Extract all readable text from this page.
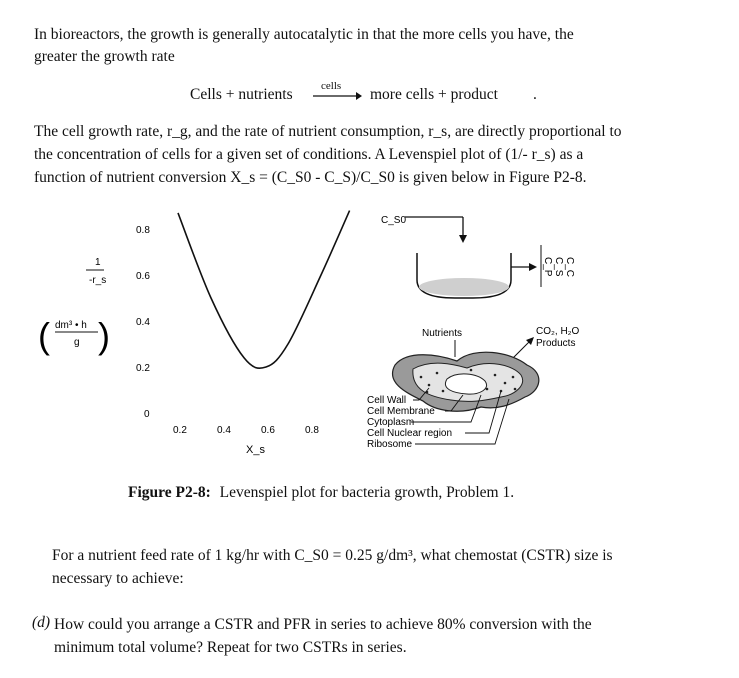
In bioreactors, the growth is generally autocatalytic in that the more cells you have, the

greater the growth rate

Cells + nutrients	cells → more cells + product .

The cell growth rate, r_g, and the rate of nutrient consumption, r_s, are directly proportional to

the concentration of cells for a given set of conditions. A Levenspiel plot of (1/- r_s) as a

function of nutrient conversion X_s = (C_S0 - C_S)/C_S0 is given below in Figure P2-8.

0
0.2
0.4
0.6
0.8
0.2	0.4	0.6	0.8
1
-r_s
( dm³ • h
g )
X_s
C_S0
C_P C_S C_C
Nutrients	CO₂, H₂O
Products
Cell Wall
Cell Membrane
Cytoplasm
Cell Nuclear region
Ribosome
Figure P2-8: Levenspiel plot for bacteria growth, Problem 1.

For a nutrient feed rate of 1 kg/hr with C_S0 = 0.25 g/dm³, what chemostat (CSTR) size is

necessary to achieve:

(d) How could you arrange a CSTR and PFR in series to achieve 80% conversion with the

minimum total volume? Repeat for two CSTRs in series.
